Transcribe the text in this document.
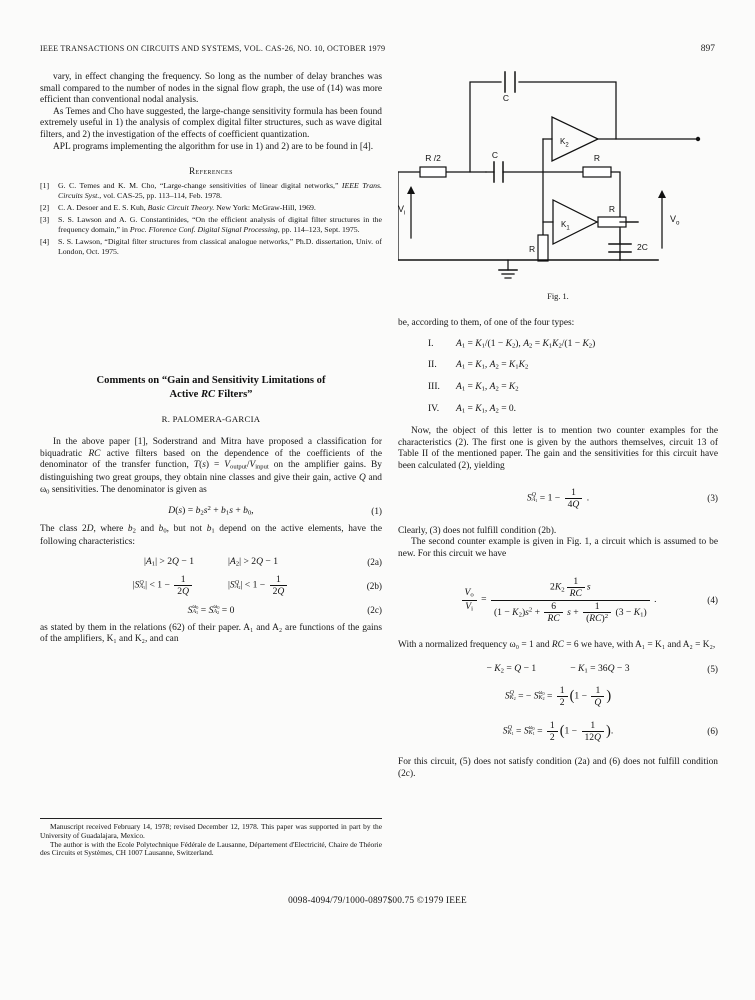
IEEE TRANSACTIONS ON CIRCUITS AND SYSTEMS, VOL. CAS-26, NO. 10, OCTOBER 1979	897

vary, in effect changing the frequency. So long as the number of delay branches was small compared to the number of nodes in the signal flow graph, the use of (14) was more efficient than conventional nodal analysis.

As Temes and Cho have suggested, the large-change sensitivity formula has been found extremely useful in 1) the analysis of complex digital filter structures, such as wave digital filters, and 2) the investigation of the effects of coefficient quantization.

APL programs implementing the algorithm for use in 1) and 2) are to be found in [4].

References
[1]	G. C. Temes and K. M. Cho, “Large-change sensitivities of linear digital networks,” IEEE Trans. Circuits Syst., vol. CAS-25, pp. 113–114, Feb. 1978.
[2]	C. A. Desoer and E. S. Kuh, Basic Circuit Theory. New York: McGraw-Hill, 1969.
[3]	S. S. Lawson and A. G. Constantinides, “On the efficient analysis of digital filter structures in the frequency domain,” in Proc. Florence Conf. Digital Signal Processing, pp. 114–123, Sept. 1975.
[4]	S. S. Lawson, “Digital filter structures from classical analogue networks,” Ph.D. dissertation, Univ. of London, Oct. 1975.
Comments on “Gain and Sensitivity Limitations of
Active RC Filters”
R. PALOMERA-GARCIA

In the above paper [1], Soderstrand and Mitra have proposed a classification for biquadratic RC active filters based on the dependence of the coefficients of the denominator of the transfer function, $T(s) = V_{output}/V_{input}$ on the amplifier gains. By distinguishing two great groups, they obtain nine classes and give their gain, active Q and $\omega_0$ sensitivities. The denominator is given as

$D(s) = b_2s^2 + b_1s + b_0$,	(1)

The class 2D, where $b_2$ and $b_0$, but not $b_1$ depend on the active elements, have the following characteristics:

$|A_1| > 2Q - 1$	$|A_2| > 2Q - 1$	(2a)
|S Q
$A_1$ | < $1 - \frac{1}{2Q}$	|S Q
$A_2$ | < $1 - \frac{1}{2Q}$	(2b)
S $\omega_0$
$A_1 = S$ $\omega_0$
$A_2 = 0$	(2c)

as stated by them in the relations (62) of their paper. A₁ and A₂ are functions of the gains of the amplifiers, K₁ and K₂, and can

Manuscript received February 14, 1978; revised December 12, 1978. This paper was supported in part by the University of Guadalajara, Mexico.

The author is with the Ecole Polytechnique Fédérale de Lausanne, Département d'Electricité, Chaire de Théorie des Circuits et Systèmes, CH 1007 Lausanne, Switzerland.

C
C
2C
R /2	R
R
R
$K_2$
$K_1$
$V_i$
$V_o$
Fig. 1.

be, according to them, of one of the four types:

I.	$A_1 = K_1/(1 - K_2)$, $A_2 = K_1K_2/(1 - K_2)$
II.	$A_1 = K_1$, $A_2 = K_1K_2$
III.	$A_1 = K_1$, $A_2 = K_2$
IV.	$A_1 = K_1$, $A_2 = 0$.

Now, the object of this letter is to mention two counter examples for the characteristics (2). The first one is given by the authors themselves, circuit 13 of Table II of the mentioned paper. The gain and the sensitivities for this circuit have been calculated (2), yielding

S Q
$A_1 = 1 - \frac{1}{4Q}$ .	(3)

Clearly, (3) does not fulfill condition (2b).

The second counter example is given in Fig. 1, a circuit which is assumed to be new. For this circuit we have

$\frac{V_o}{V_i} = \frac{2K_2 \frac{1}{RC} s}{(1 - K_2)s^2 + \frac{6}{RC} s + \frac{1}{(RC)^2} (3 - K_1)}$ .	(4)

With a normalized frequency ω₀ = 1 and RC = 6 we have, with A₁ = K₁ and A₂ = K₂,

− $K_2 = Q - 1$	− $K_1 = 36Q - 3$	(5)
S Q
$K_2$ = − S $\omega_0$
$K_2 = \frac{1}{2} (1 - \frac{1}{Q}$ )
S Q
$K_1 = S$ $\omega_0$
$K_1 = \frac{1}{2} (1 - \frac{1}{12Q}$ ).	(6)

For this circuit, (5) does not satisfy condition (2a) and (6) does not fulfill condition (2c).

0098-4094/79/1000-0897$00.75 ©1979 IEEE
